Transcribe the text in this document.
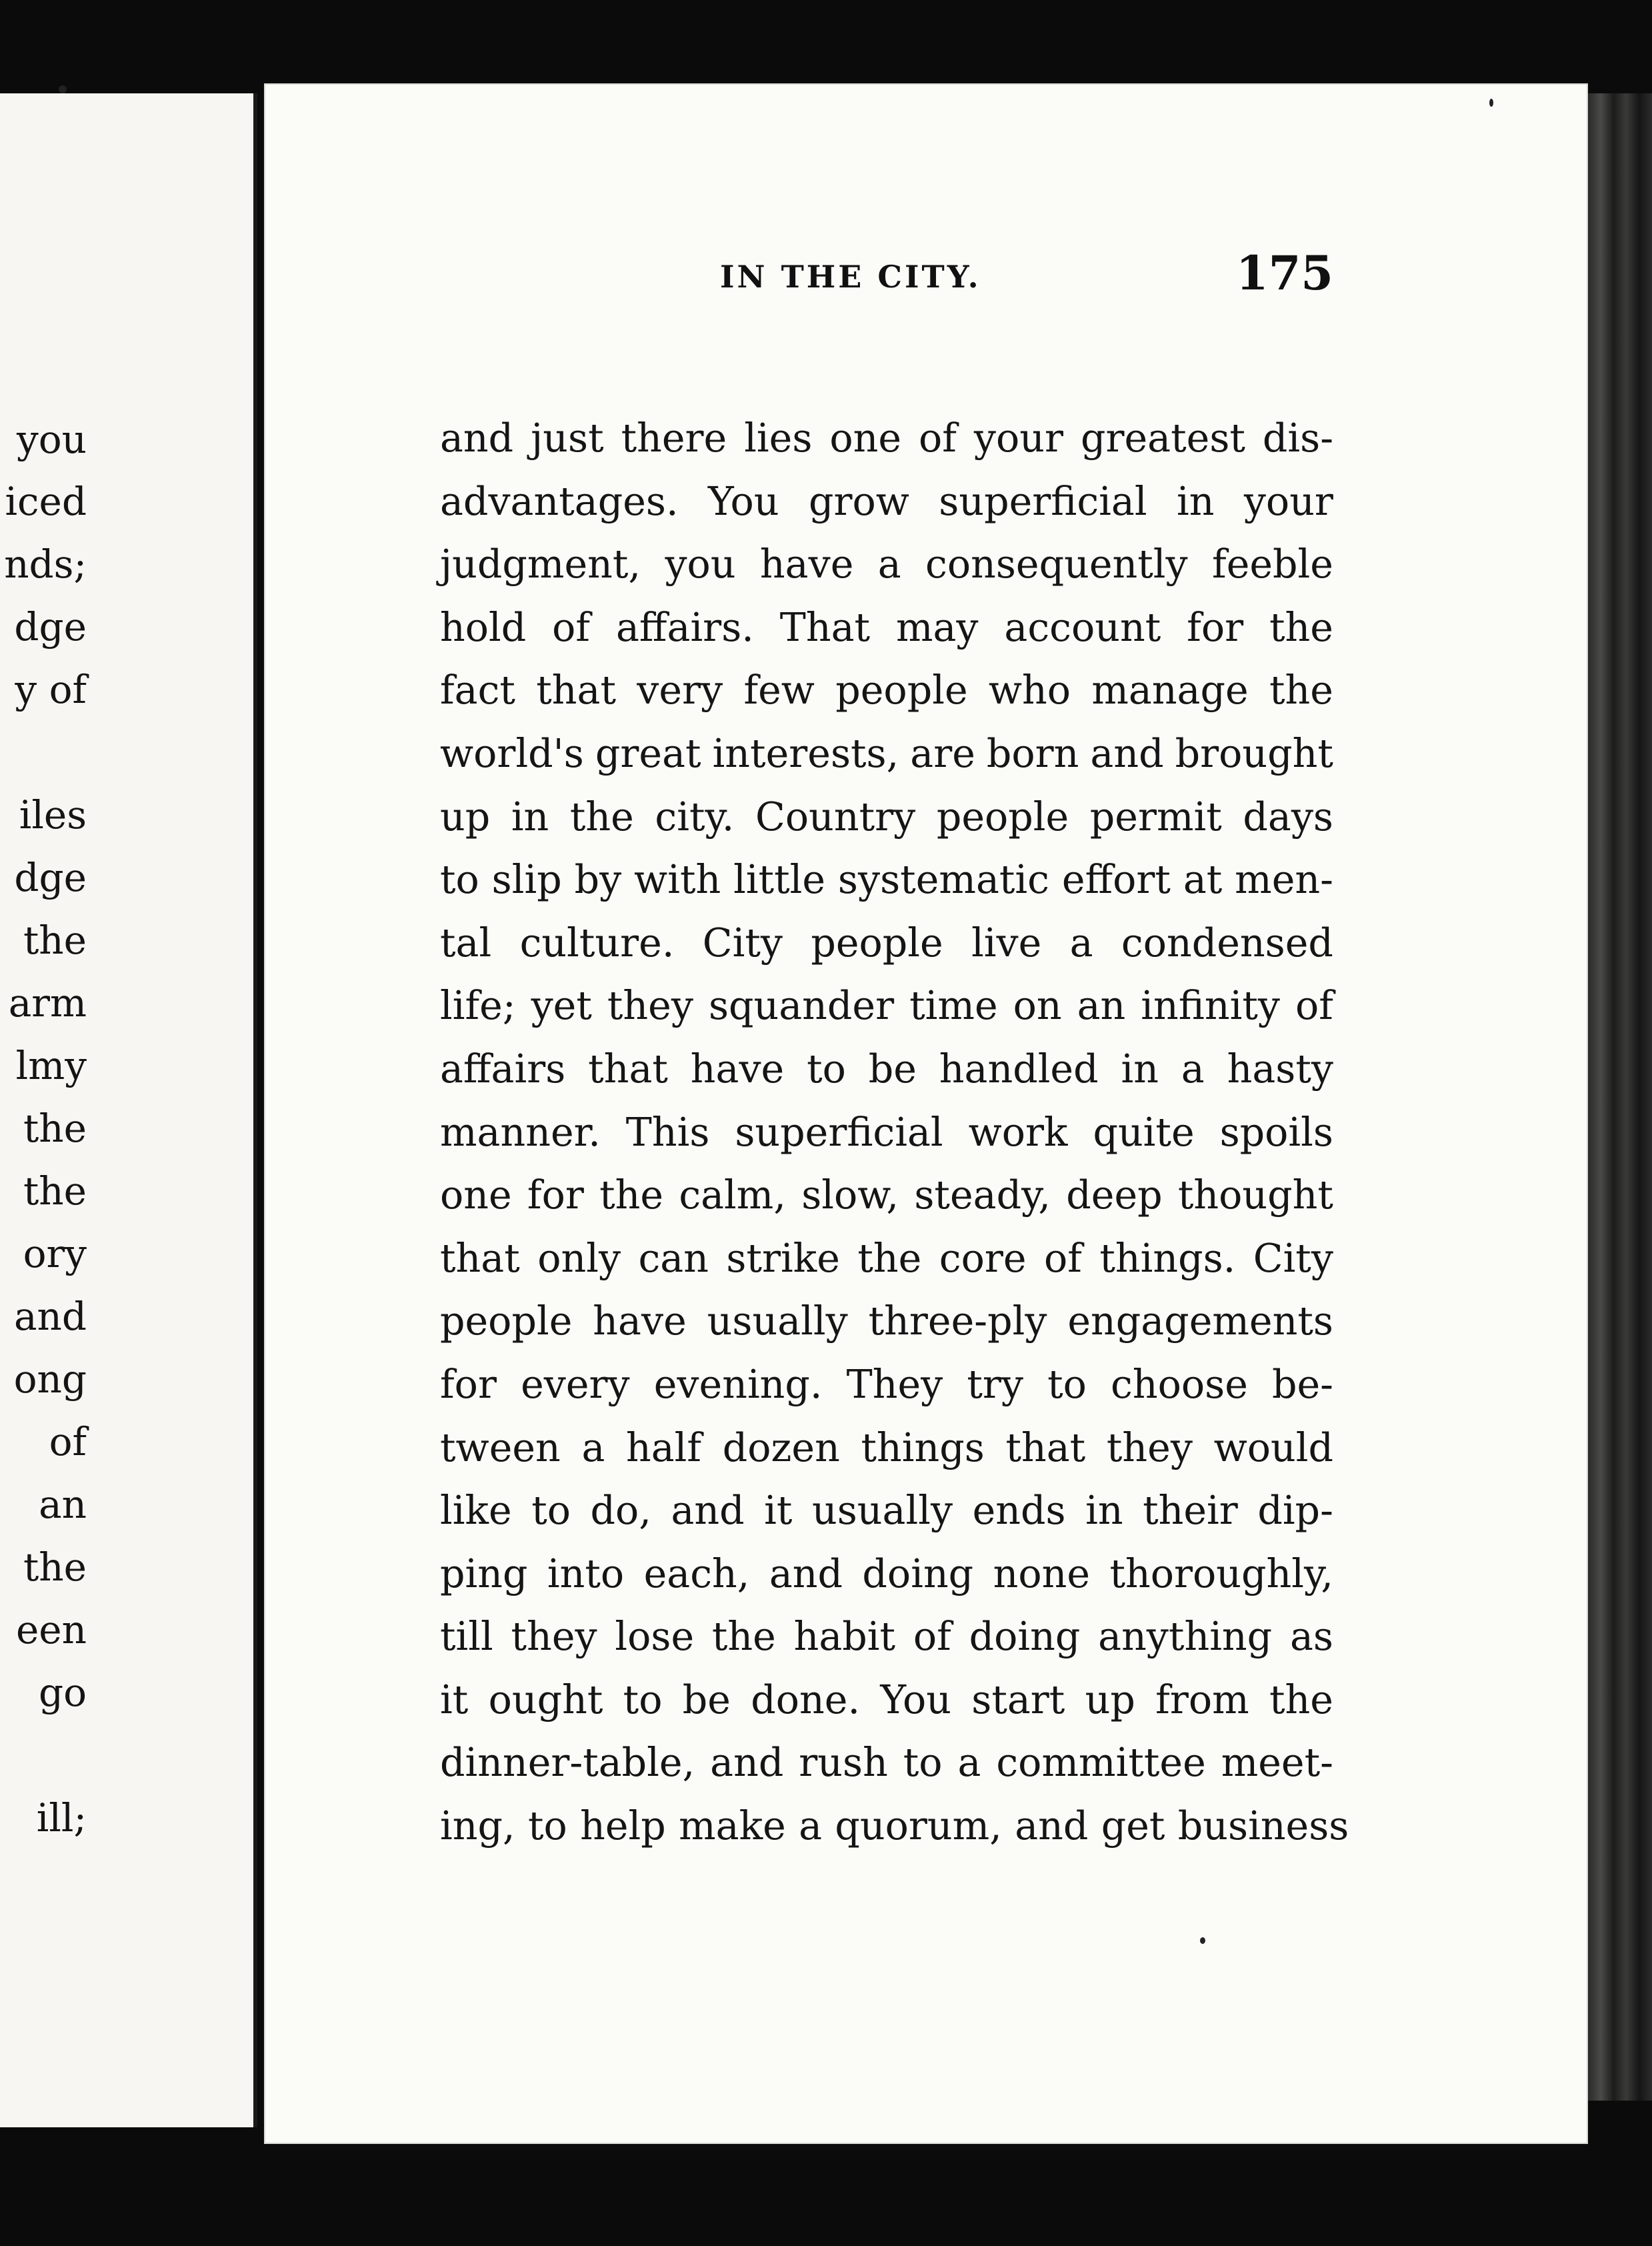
you
iced
nds;
dge
y of
iles
dge
the
arm
lmy
the
the
ory
and
ong
of
an
the
een
go
ill;
IN THE CITY.	175
and just there lies one of your greatest dis-
advantages. You grow superficial in your
judgment, you have a consequently feeble
hold of affairs. That may account for the
fact that very few people who manage the
world's great interests, are born and brought
up in the city. Country people permit days
to slip by with little systematic effort at men-
tal culture. City people live a condensed
life; yet they squander time on an infinity of
affairs that have to be handled in a hasty
manner. This superficial work quite spoils
one for the calm, slow, steady, deep thought
that only can strike the core of things. City
people have usually three-ply engagements
for every evening. They try to choose be-
tween a half dozen things that they would
like to do, and it usually ends in their dip-
ping into each, and doing none thoroughly,
till they lose the habit of doing anything as
it ought to be done. You start up from the
dinner-table, and rush to a committee meet-
ing, to help make a quorum, and get business
